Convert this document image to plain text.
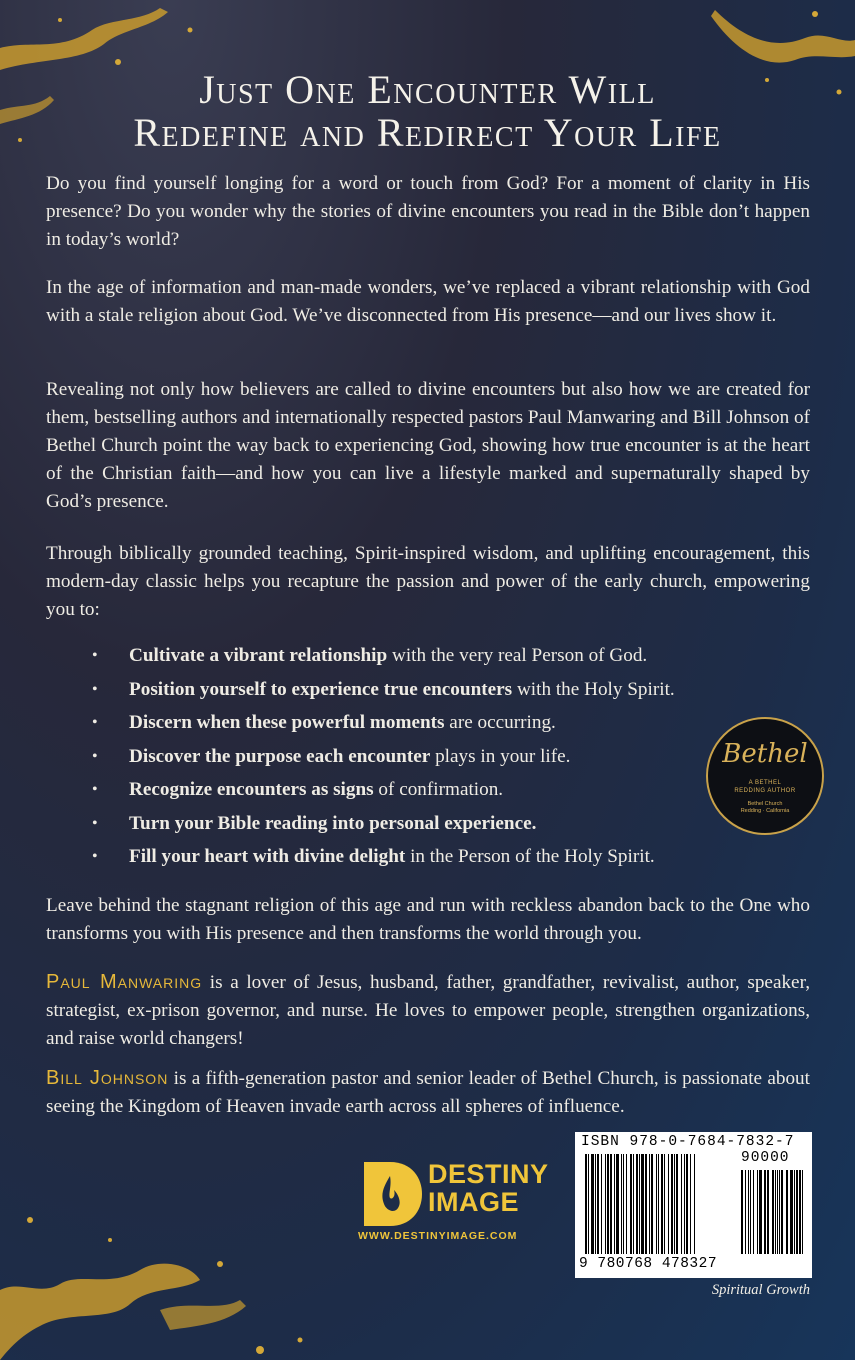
Just One Encounter Will
Redefine and Redirect Your Life
Do you find yourself longing for a word or touch from God? For a moment of clarity in His presence? Do you wonder why the stories of divine encounters you read in the Bible don’t happen in today’s world?
In the age of information and man-made wonders, we’ve replaced a vibrant relationship with God with a stale religion about God. We’ve disconnected from His presence—and our lives show it.
Revealing not only how believers are called to divine encounters but also how we are created for them, bestselling authors and internationally respected pastors Paul Manwaring and Bill Johnson of Bethel Church point the way back to experiencing God, showing how true encounter is at the heart of the Christian faith—and how you can live a lifestyle marked and supernaturally shaped by God’s presence.
Through biblically grounded teaching, Spirit-inspired wisdom, and uplifting encouragement, this modern-day classic helps you recapture the passion and power of the early church, empowering you to:
• Cultivate a vibrant relationship with the very real Person of God.
• Position yourself to experience true encounters with the Holy Spirit.
• Discern when these powerful moments are occurring.
• Discover the purpose each encounter plays in your life.
• Recognize encounters as signs of confirmation.
• Turn your Bible reading into personal experience.
• Fill your heart with divine delight in the Person of the Holy Spirit.
Bethel
A BETHEL
REDDING AUTHOR
Bethel Church
Redding · California
Leave behind the stagnant religion of this age and run with reckless abandon back to the One who transforms you with His presence and then transforms the world through you.
Paul Manwaring is a lover of Jesus, husband, father, grandfather, revivalist, author, speaker, strategist, ex-prison governor, and nurse. He loves to empower people, strengthen organizations, and raise world changers!
Bill Johnson is a fifth-generation pastor and senior leader of Bethel Church, is passionate about seeing the Kingdom of Heaven invade earth across all spheres of influence.
DESTINY
IMAGE
WWW.DESTINYIMAGE.COM
ISBN 978-0-7684-7832-7
90000
9 780768 478327
Spiritual Growth
